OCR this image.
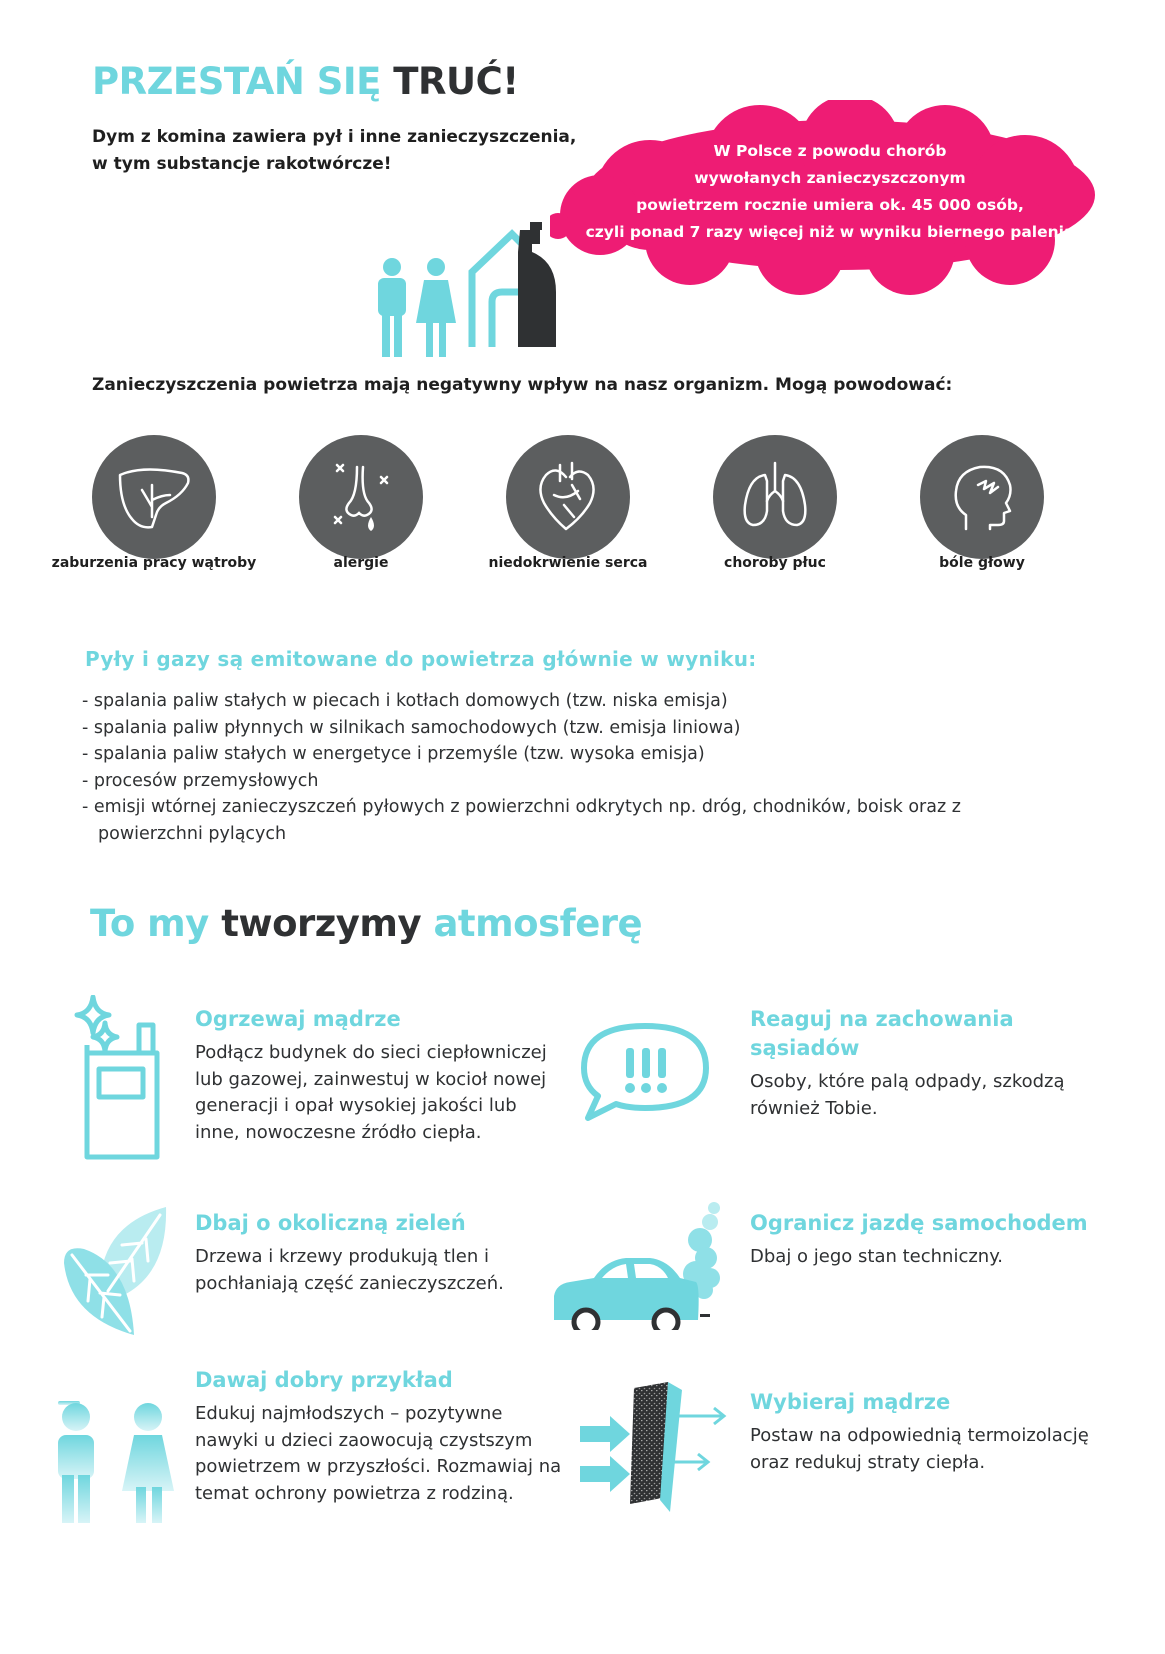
PRZESTAŃ SIĘ TRUĆ!
Dym z komina zawiera pył i inne zanieczyszczenia,
w tym substancje rakotwórcze!
W Polsce z powodu chorób
wywołanych zanieczyszczonym
powietrzem rocznie umiera ok. 45 000 osób,
czyli ponad 7 razy więcej niż w wyniku biernego palenia
Zanieczyszczenia powietrza mają negatywny wpływ na nasz organizm. Mogą powodować:
zaburzenia pracy wątroby	alergie	niedokrwienie serca	choroby płuc	bóle głowy
Pyły i gazy są emitowane do powietrza głównie w wyniku:
- spalania paliw stałych w piecach i kotłach domowych (tzw. niska emisja)
- spalania paliw płynnych w silnikach samochodowych (tzw. emisja liniowa)
- spalania paliw stałych w energetyce i przemyśle (tzw. wysoka emisja)
- procesów przemysłowych
- emisji wtórnej zanieczyszczeń pyłowych z powierzchni odkrytych np. dróg, chodników, boisk oraz z powierzchni pylących
To my tworzymy atmosferę
Ogrzewaj mądrze

Podłącz budynek do sieci ciepłowniczej lub gazowej, zainwestuj w kocioł nowej generacji i opał wysokiej jakości lub inne, nowoczesne źródło ciepła.

Reaguj na zachowania sąsiadów

Osoby, które palą odpady, szkodzą również Tobie.

Dbaj o okoliczną zieleń

Drzewa i krzewy produkują tlen i pochłaniają część zanieczyszczeń.

Ogranicz jazdę samochodem

Dbaj o jego stan techniczny.

Dawaj dobry przykład

Edukuj najmłodszych – pozytywne nawyki u dzieci zaowocują czystszym powietrzem w przyszłości. Rozmawiaj na temat ochrony powietrza z rodziną.

Wybieraj mądrze

Postaw na odpowiednią termoizolację oraz redukuj straty ciepła.
